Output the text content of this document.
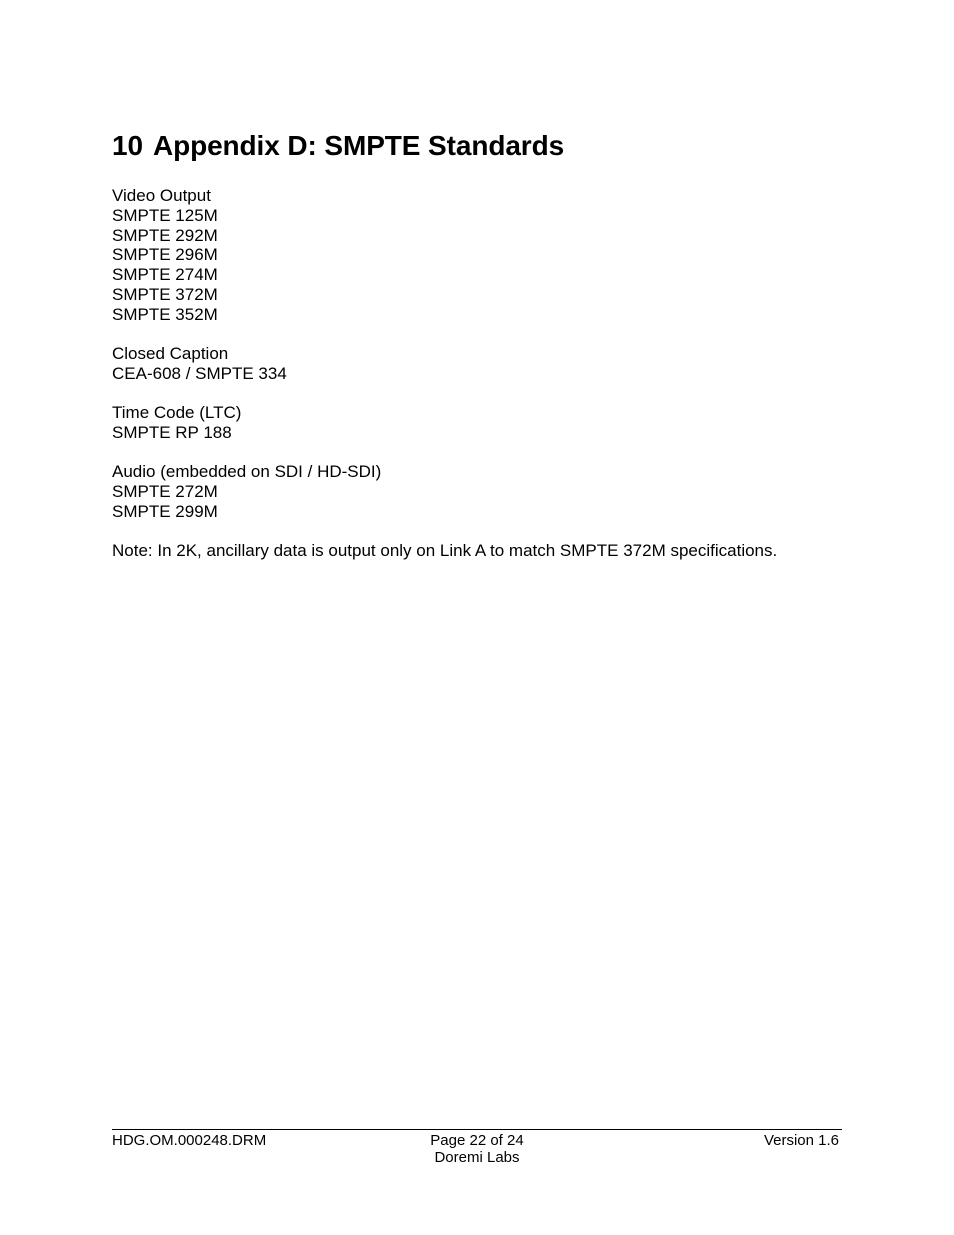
10 Appendix D: SMPTE Standards
Video Output
SMPTE 125M
SMPTE 292M
SMPTE 296M
SMPTE 274M
SMPTE 372M
SMPTE 352M
Closed Caption
CEA-608 / SMPTE 334
Time Code (LTC)
SMPTE RP 188
Audio (embedded on SDI / HD-SDI)
SMPTE 272M
SMPTE 299M

Note: In 2K, ancillary data is output only on Link A to match SMPTE 372M specifications.

HDG.OM.000248.DRM	Page 22 of 24
Doremi Labs
Version 1.6
